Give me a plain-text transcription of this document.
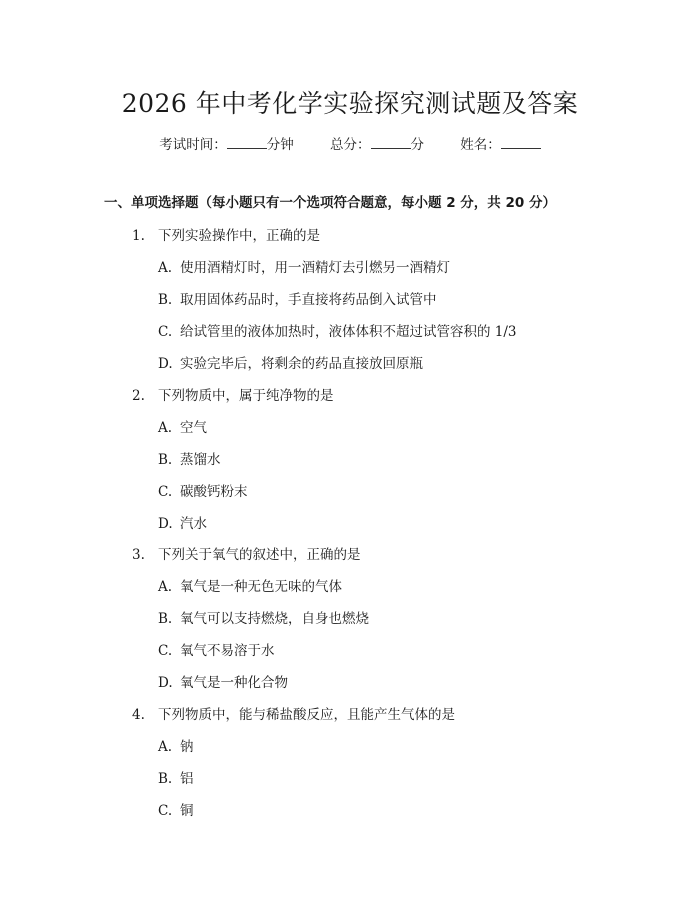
2026 年中考化学实验探究测试题及答案
考试时间：	分钟	总分：	分	姓名：
一、单项选择题（每小题只有一个选项符合题意，每小题 2 分，共 20 分）
1. 下列实验操作中，正确的是
A. 使用酒精灯时，用一酒精灯去引燃另一酒精灯
B. 取用固体药品时，手直接将药品倒入试管中
C. 给试管里的液体加热时，液体体积不超过试管容积的 1/3
D. 实验完毕后，将剩余的药品直接放回原瓶
2. 下列物质中，属于纯净物的是
A. 空气
B. 蒸馏水
C. 碳酸钙粉末
D. 汽水
3. 下列关于氧气的叙述中，正确的是
A. 氧气是一种无色无味的气体
B. 氧气可以支持燃烧，自身也燃烧
C. 氧气不易溶于水
D. 氧气是一种化合物
4. 下列物质中，能与稀盐酸反应，且能产生气体的是
A. 钠
B. 铝
C. 铜
